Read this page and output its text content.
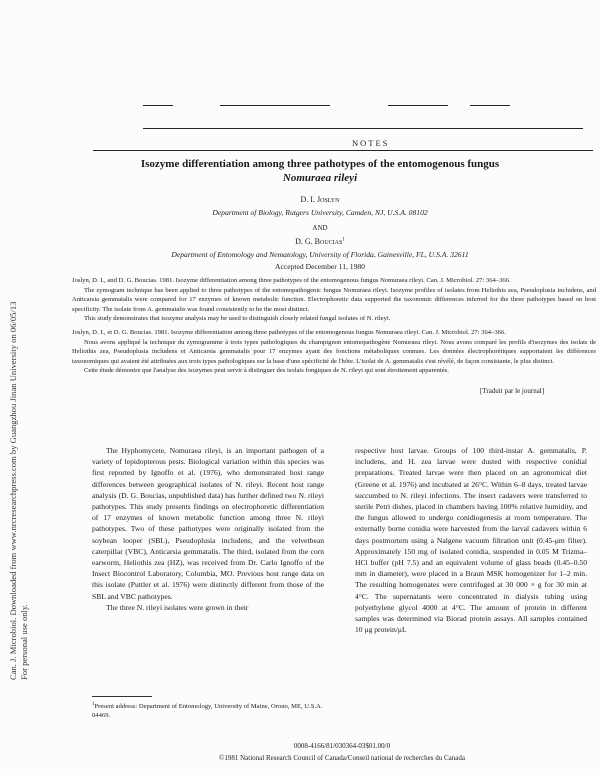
Can. J. Microbiol. Downloaded from www.nrcresearchpress.com by Guangzhou Jinan University on 06/05/13 For personal use only.
NOTES
Isozyme differentiation among three pathotypes of the entomogenous fungus
Nomuraea rileyi
D. I. Joslyn
Department of Biology, Rutgers University, Camden, NJ, U.S.A. 08102
AND
D. G. Boucias$^1$
Department of Entomology and Nematology, University of Florida, Gainesville, FL, U.S.A. 32611
Accepted December 11, 1980

Joslyn, D. I., and D. G. Boucias. 1981. Isozyme differentiation among three pathotypes of the entomogenous fungus Nomuraea rileyi. Can. J. Microbiol. 27: 364–366.

The zymogram technique has been applied to three pathotypes of the entomopathogenic fungus Nomuraea rileyi. Isozyme profiles of isolates from Heliothis zea, Pseudoplusia includens, and Anticarsia gemmatalis were compared for 17 enzymes of known metabolic function. Electrophoretic data supported the taxonomic differences inferred for the three pathotypes based on host specificity. The isolate from A. gemmatalis was found consistently to be the most distinct.

This study demonstrates that isozyme analysis may be used to distinguish closely related fungal isolates of N. rileyi.

Joslyn, D. I., et D. G. Boucias. 1981. Isozyme differentiation among three pathotypes of the entomogenous fungus Nomuraea rileyi. Can. J. Microbiol. 27: 364–366.

Nous avons appliqué la technique du zymogramme à trois types pathologiques du champignon entomopathogène Nomuraea rileyi. Nous avons comparé les profils d'isozymes des isolats de Heliothis zea, Pseudoplusia includens et Anticarsia gemmatalis pour 17 enzymes ayant des fonctions métaboliques connues. Les données électrophorétiques supportaient les différences taxonomiques qui avaient été attribuées aux trois types pathologiques sur la base d'une spécificité de l'hôte. L'isolat de A. gemmatalis s'est révélé, de façon consistante, le plus distinct.

Cette étude démontre que l'analyse des isozymes peut servir à distinguer des isolats fongiques de N. rileyi qui sont étroitement apparentés.

[Traduit par le journal]

The Hyphomycete, Nomuraea rileyi, is an important pathogen of a variety of lepidopterous pests. Biological variation within this species was first reported by Ignoffo et al. (1976), who demonstrated host range differences between geographical isolates of N. rileyi. Recent host range analysis (D. G. Boucias, unpublished data) has further defined two N. rileyi pathotypes. This study presents findings on electrophoretic differentiation of 17 enzymes of known metabolic function among three N. rileyi pathotypes. Two of these pathotypes were originally isolated from the soybean looper (SBL), Pseudoplusia includens, and the velvetbean caterpillar (VBC), Anticarsia gemmatalis. The third, isolated from the corn earworm, Heliothis zea (HZ), was received from Dr. Carlo Ignoffo of the Insect Biocontrol Laboratory, Columbia, MO. Previous host range data on this isolate (Puttler et al. 1976) were distinctly different from those of the SBL and VBC pathotypes.

The three N. rileyi isolates were grown in their

respective host larvae. Groups of 100 third-instar A. gemmatalis, P. includens, and H. zea larvae were dusted with respective conidial preparations. Treated larvae were then placed on an agronomical diet (Greene et al. 1976) and incubated at 26°C. Within 6–8 days, treated larvae succumbed to N. rileyi infections. The insect cadavers were transferred to sterile Petri dishes, placed in chambers having 100% relative humidity, and the fungus allowed to undergo conidiogenesis at room temperature. The externally borne conidia were harvested from the larval cadavers within 6 days postmortem using a Nalgene vacuum filtration unit (0.45-μm filter). Approximately 150 mg of isolated conidia, suspended in 0.05 M Trizma–HCl buffer (pH 7.5) and an equivalent volume of glass beads (0.45–0.50 mm in diameter), were placed in a Braun MSK homogenizer for 1–2 min. The resulting homogenates were centrifuged at 30 000 × g for 30 min at 4°C. The supernatants were concentrated in dialysis tubing using polyethylene glycol 4000 at 4°C. The amount of protein in different samples was determined via Biorad protein assays. All samples contained 10 μg protein/μL

$^1$Present address: Department of Entomology, University of Maine, Orono, ME, U.S.A. 04469.
0008-4166/81/030364-03$01.00/0
©1981 National Research Council of Canada/Conseil national de recherches du Canada
